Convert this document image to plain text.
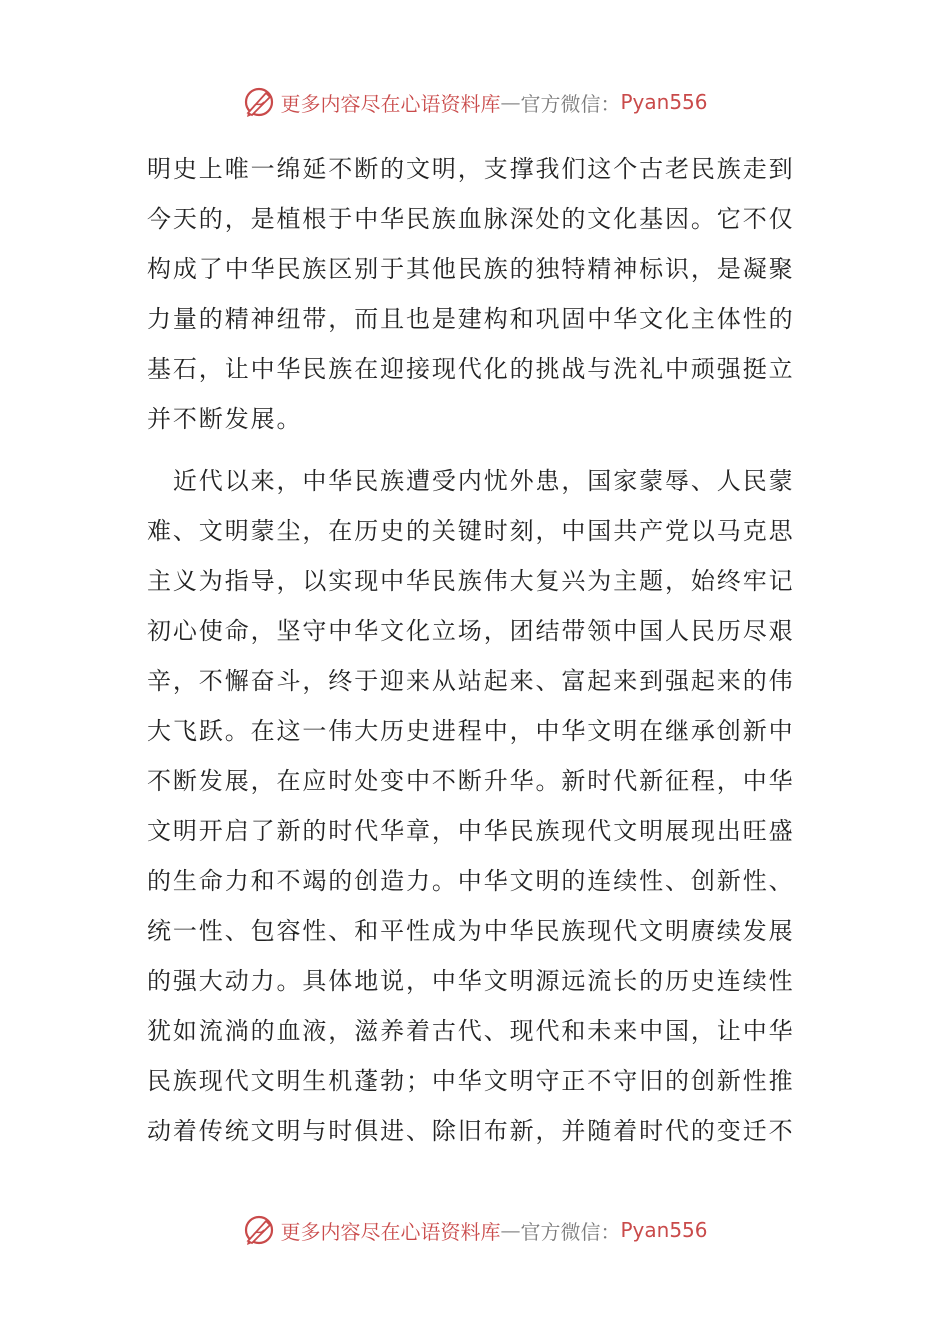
更多内容尽在心语资料库 — 官方微信： Pyan556
明史上唯一绵延不断的文明，支撑我们这个古老民族走到
今天的，是植根于中华民族血脉深处的文化基因。它不仅
构成了中华民族区别于其他民族的独特精神标识，是凝聚
力量的精神纽带，而且也是建构和巩固中华文化主体性的
基石，让中华民族在迎接现代化的挑战与洗礼中顽强挺立
并不断发展。
　近代以来，中华民族遭受内忧外患，国家蒙辱、人民蒙
难、文明蒙尘，在历史的关键时刻，中国共产党以马克思
主义为指导，以实现中华民族伟大复兴为主题，始终牢记
初心使命，坚守中华文化立场，团结带领中国人民历尽艰
辛，不懈奋斗，终于迎来从站起来、富起来到强起来的伟
大飞跃。在这一伟大历史进程中，中华文明在继承创新中
不断发展，在应时处变中不断升华。新时代新征程，中华
文明开启了新的时代华章，中华民族现代文明展现出旺盛
的生命力和不竭的创造力。中华文明的连续性、创新性、
统一性、包容性、和平性成为中华民族现代文明赓续发展
的强大动力。具体地说，中华文明源远流长的历史连续性
犹如流淌的血液，滋养着古代、现代和未来中国，让中华
民族现代文明生机蓬勃；中华文明守正不守旧的创新性推
动着传统文明与时俱进、除旧布新，并随着时代的变迁不
更多内容尽在心语资料库 — 官方微信： Pyan556
